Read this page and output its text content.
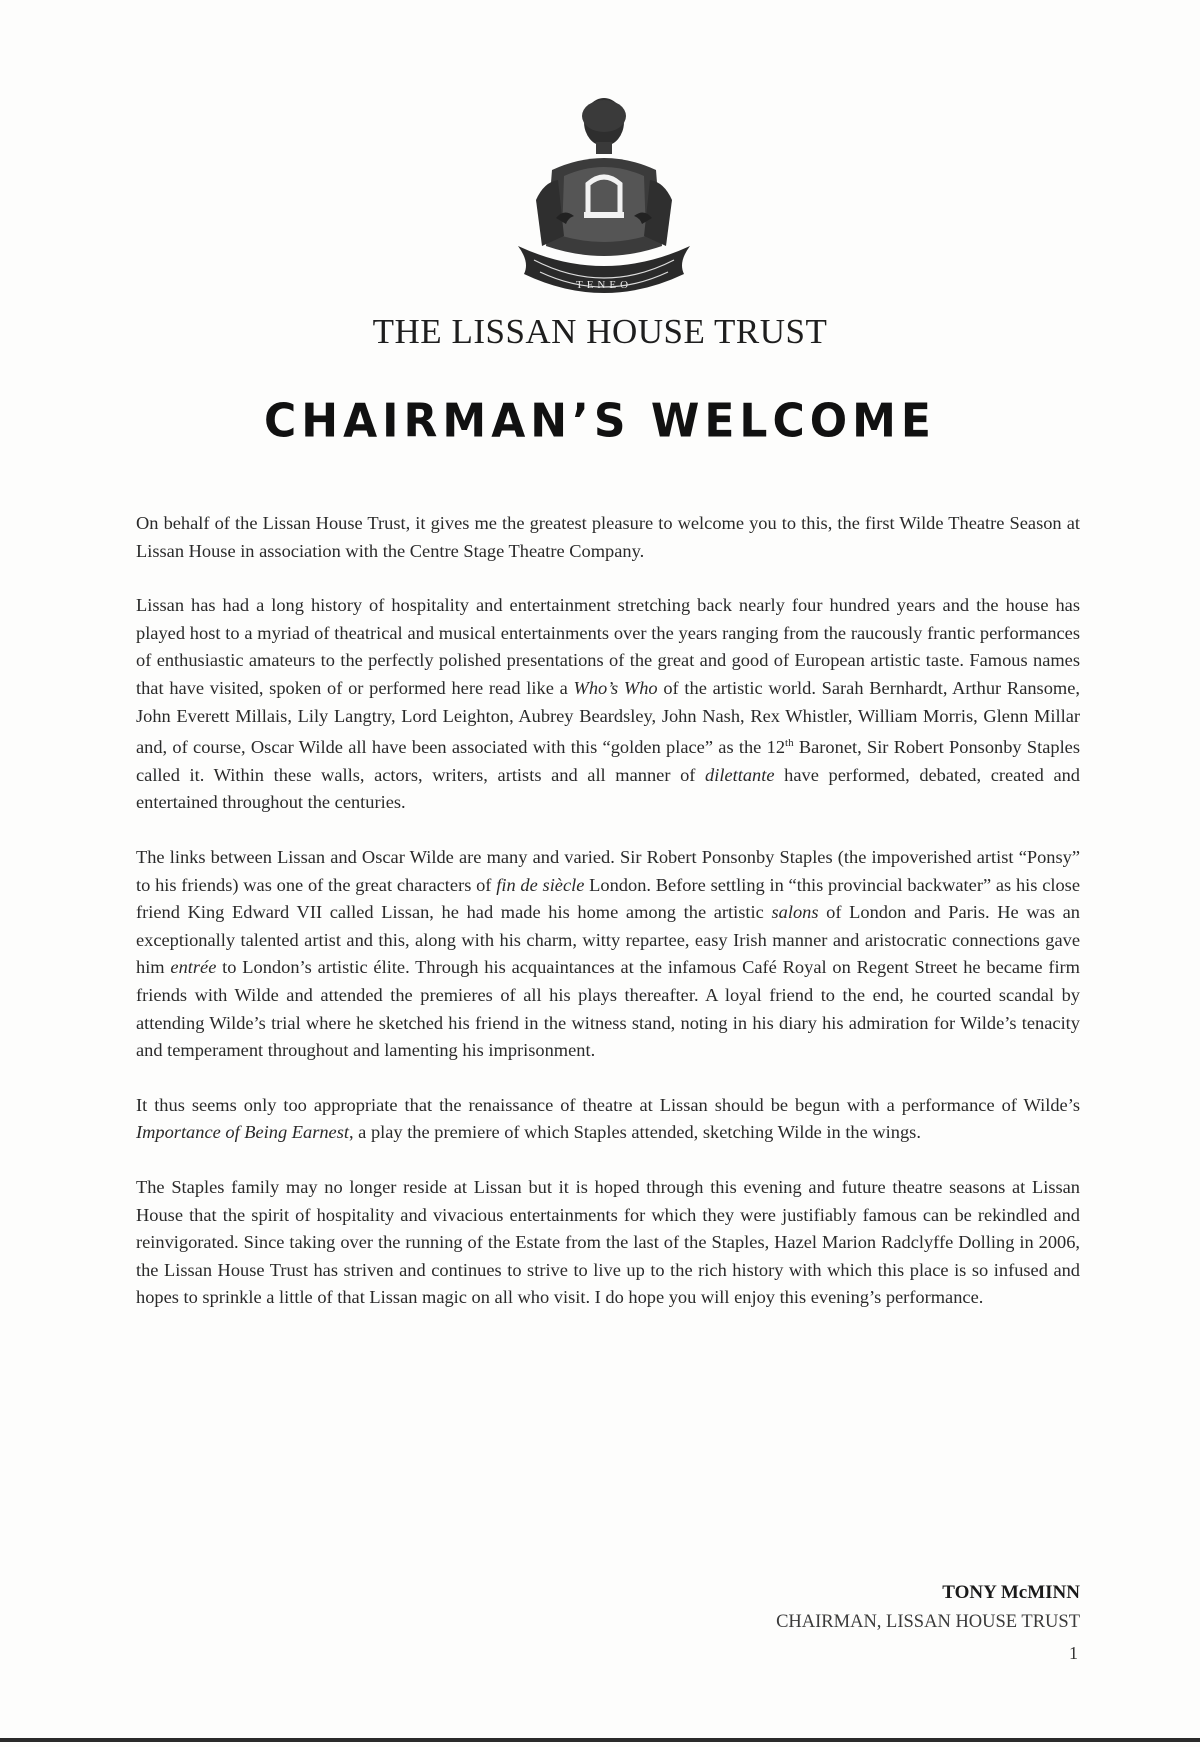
TENEO
THE LISSAN HOUSE TRUST
CHAIRMAN’S WELCOME

On behalf of the Lissan House Trust, it gives me the greatest pleasure to welcome you to this, the first Wilde Theatre Season at Lissan House in association with the Centre Stage Theatre Company.

Lissan has had a long history of hospitality and entertainment stretching back nearly four hundred years and the house has played host to a myriad of theatrical and musical entertainments over the years ranging from the raucously frantic performances of enthusiastic amateurs to the perfectly polished presentations of the great and good of European artistic taste. Famous names that have visited, spoken of or performed here read like a Who’s Who of the artistic world. Sarah Bernhardt, Arthur Ransome, John Everett Millais, Lily Langtry, Lord Leighton, Aubrey Beardsley, John Nash, Rex Whistler, William Morris, Glenn Millar and, of course, Oscar Wilde all have been associated with this “golden place” as the 12th Baronet, Sir Robert Ponsonby Staples called it. Within these walls, actors, writers, artists and all manner of dilettante have performed, debated, created and entertained throughout the centuries.

The links between Lissan and Oscar Wilde are many and varied. Sir Robert Ponsonby Staples (the impoverished artist “Ponsy” to his friends) was one of the great characters of fin de siècle London. Before settling in “this provincial backwater” as his close friend King Edward VII called Lissan, he had made his home among the artistic salons of London and Paris. He was an exceptionally talented artist and this, along with his charm, witty repartee, easy Irish manner and aristocratic connections gave him entrée to London’s artistic élite. Through his acquaintances at the infamous Café Royal on Regent Street he became firm friends with Wilde and attended the premieres of all his plays thereafter. A loyal friend to the end, he courted scandal by attending Wilde’s trial where he sketched his friend in the witness stand, noting in his diary his admiration for Wilde’s tenacity and temperament throughout and lamenting his imprisonment.

It thus seems only too appropriate that the renaissance of theatre at Lissan should be begun with a performance of Wilde’s Importance of Being Earnest, a play the premiere of which Staples attended, sketching Wilde in the wings.

The Staples family may no longer reside at Lissan but it is hoped through this evening and future theatre seasons at Lissan House that the spirit of hospitality and vivacious entertainments for which they were justifiably famous can be rekindled and reinvigorated. Since taking over the running of the Estate from the last of the Staples, Hazel Marion Radclyffe Dolling in 2006, the Lissan House Trust has striven and continues to strive to live up to the rich history with which this place is so infused and hopes to sprinkle a little of that Lissan magic on all who visit. I do hope you will enjoy this evening’s performance.

TONY McMINN
CHAIRMAN, LISSAN HOUSE TRUST
1
